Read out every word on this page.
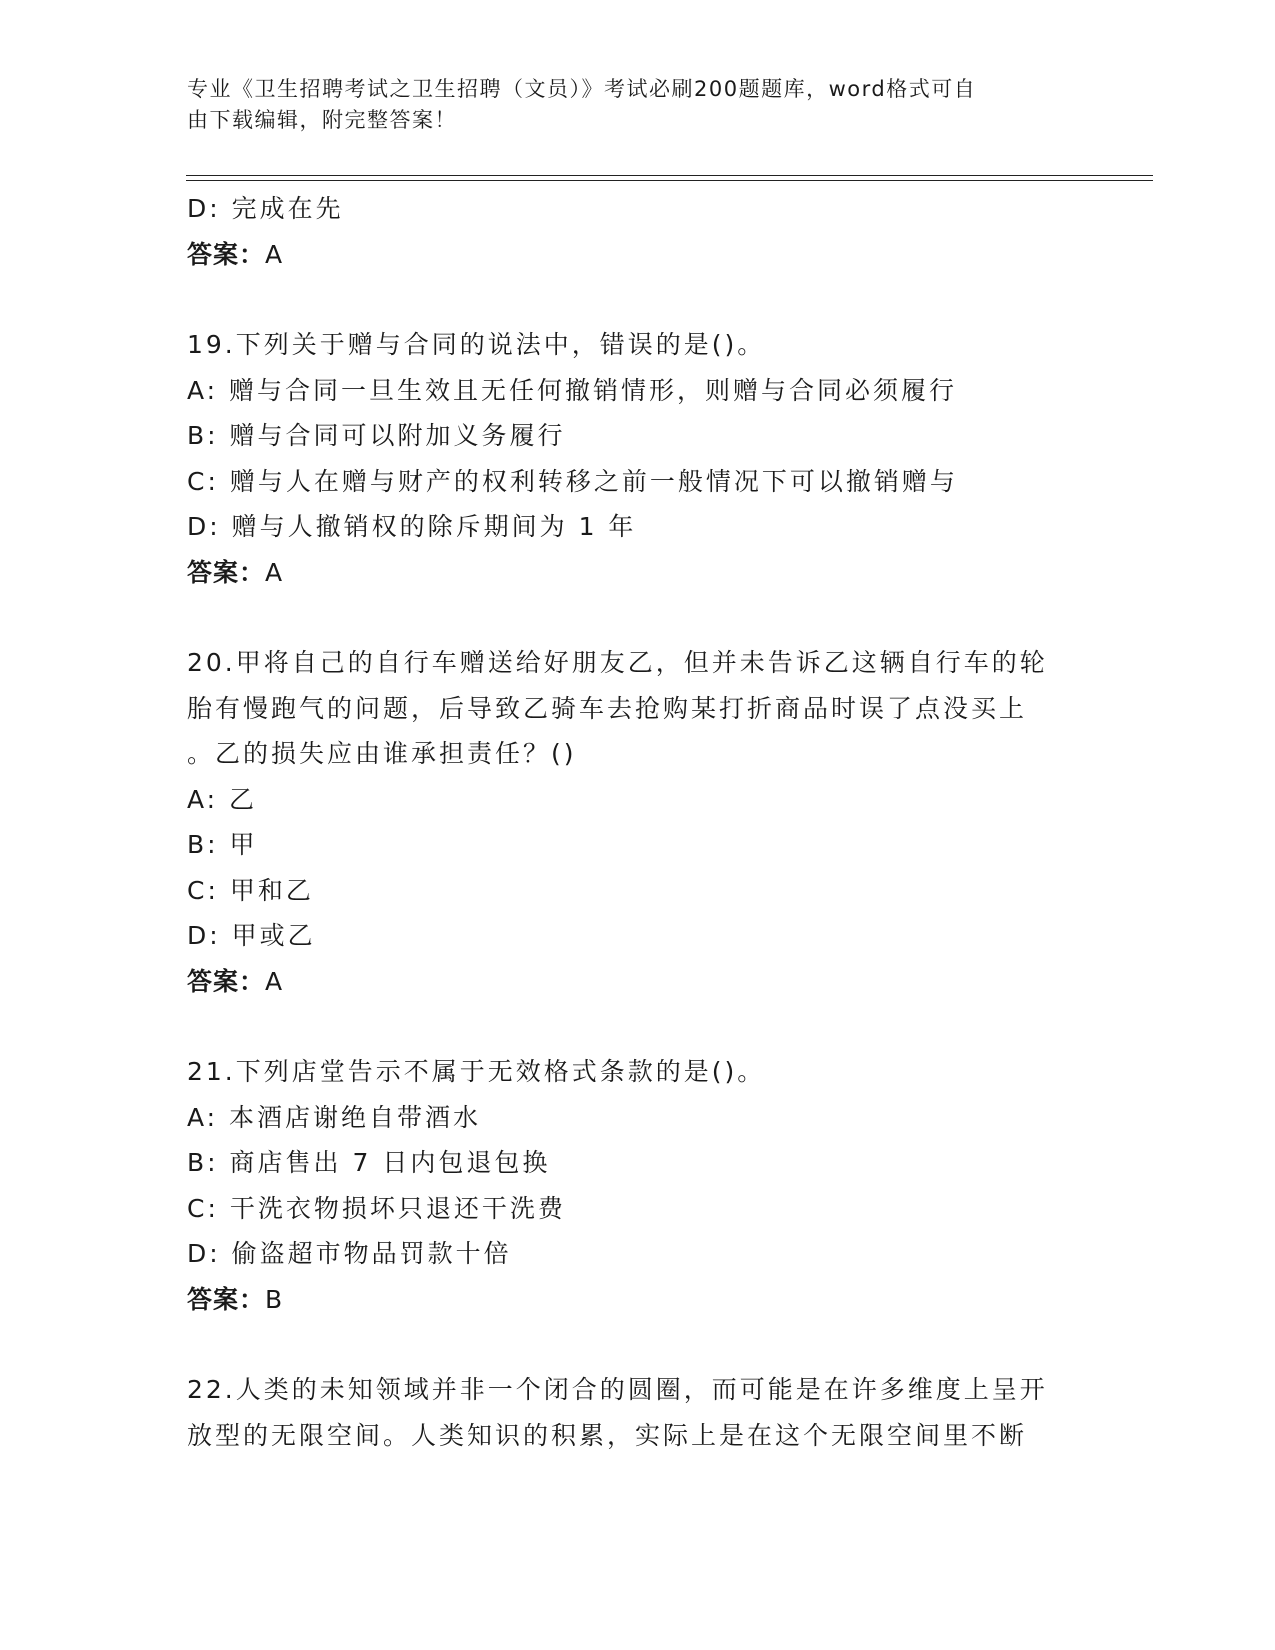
专业《卫生招聘考试之卫生招聘（文员）》考试必刷200题题库，word格式可自
由下载编辑，附完整答案！
D: 完成在先
答案：A
19.下列关于赠与合同的说法中，错误的是()。
A: 赠与合同一旦生效且无任何撤销情形，则赠与合同必须履行
B: 赠与合同可以附加义务履行
C: 赠与人在赠与财产的权利转移之前一般情况下可以撤销赠与
D: 赠与人撤销权的除斥期间为 1 年
答案：A
20.甲将自己的自行车赠送给好朋友乙，但并未告诉乙这辆自行车的轮
胎有慢跑气的问题，后导致乙骑车去抢购某打折商品时误了点没买上
。乙的损失应由谁承担责任？()
A: 乙
B: 甲
C: 甲和乙
D: 甲或乙
答案：A
21.下列店堂告示不属于无效格式条款的是()。
A: 本酒店谢绝自带酒水
B: 商店售出 7 日内包退包换
C: 干洗衣物损坏只退还干洗费
D: 偷盗超市物品罚款十倍
答案：B
22.人类的未知领域并非一个闭合的圆圈，而可能是在许多维度上呈开
放型的无限空间。人类知识的积累，实际上是在这个无限空间里不断
